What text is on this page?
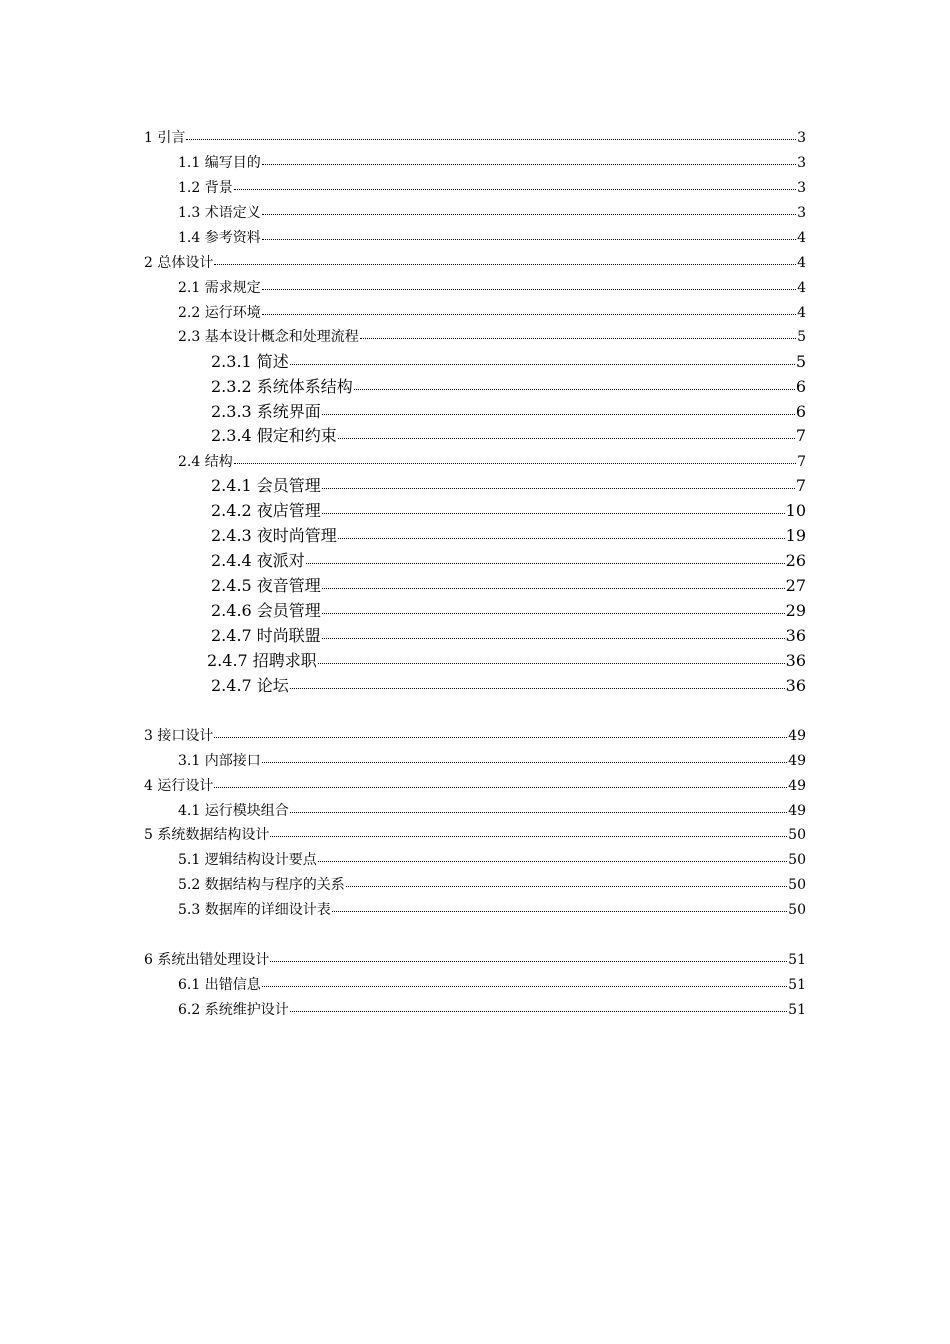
1 引言	3
1.1 编写目的	3
1.2 背景	3
1.3 术语定义	3
1.4 参考资料	4
2 总体设计	4
2.1 需求规定	4
2.2 运行环境	4
2.3 基本设计概念和处理流程	5
2.3.1 简述	5
2.3.2 系统体系结构	6
2.3.3 系统界面	6
2.3.4 假定和约束	7
2.4 结构	7
2.4.1 会员管理	7
2.4.2 夜店管理	10
2.4.3 夜时尚管理	19
2.4.4 夜派对	26
2.4.5 夜音管理	27
2.4.6 会员管理	29
2.4.7 时尚联盟	36
2.4.7 招聘求职	36
2.4.7 论坛	36
3 接口设计	49
3.1 内部接口	49
4 运行设计	49
4.1 运行模块组合	49
5 系统数据结构设计	50
5.1 逻辑结构设计要点	50
5.2 数据结构与程序的关系	50
5.3 数据库的详细设计表	50
6 系统出错处理设计	51
6.1 出错信息	51
6.2 系统维护设计	51
